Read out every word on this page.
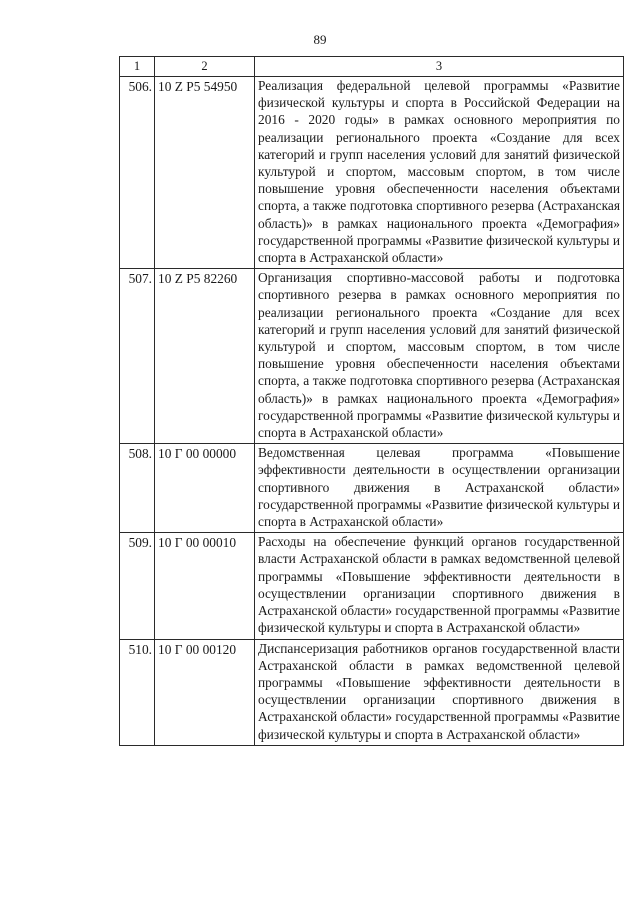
89
1	2	3
506.	10 Z P5 54950	Реализация федеральной целевой программы «Развитие физической культуры и спорта в Российской Федерации на 2016 - 2020 годы» в рамках основного мероприятия по реализации регионального проекта «Создание для всех категорий и групп населения условий для занятий физической культурой и спортом, массовым спортом, в том числе повышение уровня обеспеченности населения объектами спорта, а также подготовка спортивного резерва (Астраханская область)» в рамках национального проекта «Демография» государственной программы «Развитие физической культуры и спорта в Астраханской области»
507.	10 Z P5 82260	Организация спортивно-массовой работы и подготовка спортивного резерва в рамках основного мероприятия по реализации регионального проекта «Создание для всех категорий и групп населения условий для занятий физической культурой и спортом, массовым спортом, в том числе повышение уровня обеспеченности населения объектами спорта, а также подготовка спортивного резерва (Астраханская область)» в рамках национального проекта «Демография» государственной программы «Развитие физической культуры и спорта в Астраханской области»
508.	10 Г 00 00000	Ведомственная целевая программа «Повышение эффективности деятельности в осуществлении организации спортивного движения в Астраханской области» государственной программы «Развитие физической культуры и спорта в Астраханской области»
509.	10 Г 00 00010	Расходы на обеспечение функций органов государственной власти Астраханской области в рамках ведомственной целевой программы «Повышение эффективности деятельности в осуществлении организации спортивного движения в Астраханской области» государственной программы «Развитие физической культуры и спорта в Астраханской области»
510.	10 Г 00 00120	Диспансеризация работников органов государственной власти Астраханской области в рамках ведомственной целевой программы «Повышение эффективности деятельности в осуществлении организации спортивного движения в Астраханской области» государственной программы «Развитие физической культуры и спорта в Астраханской области»
